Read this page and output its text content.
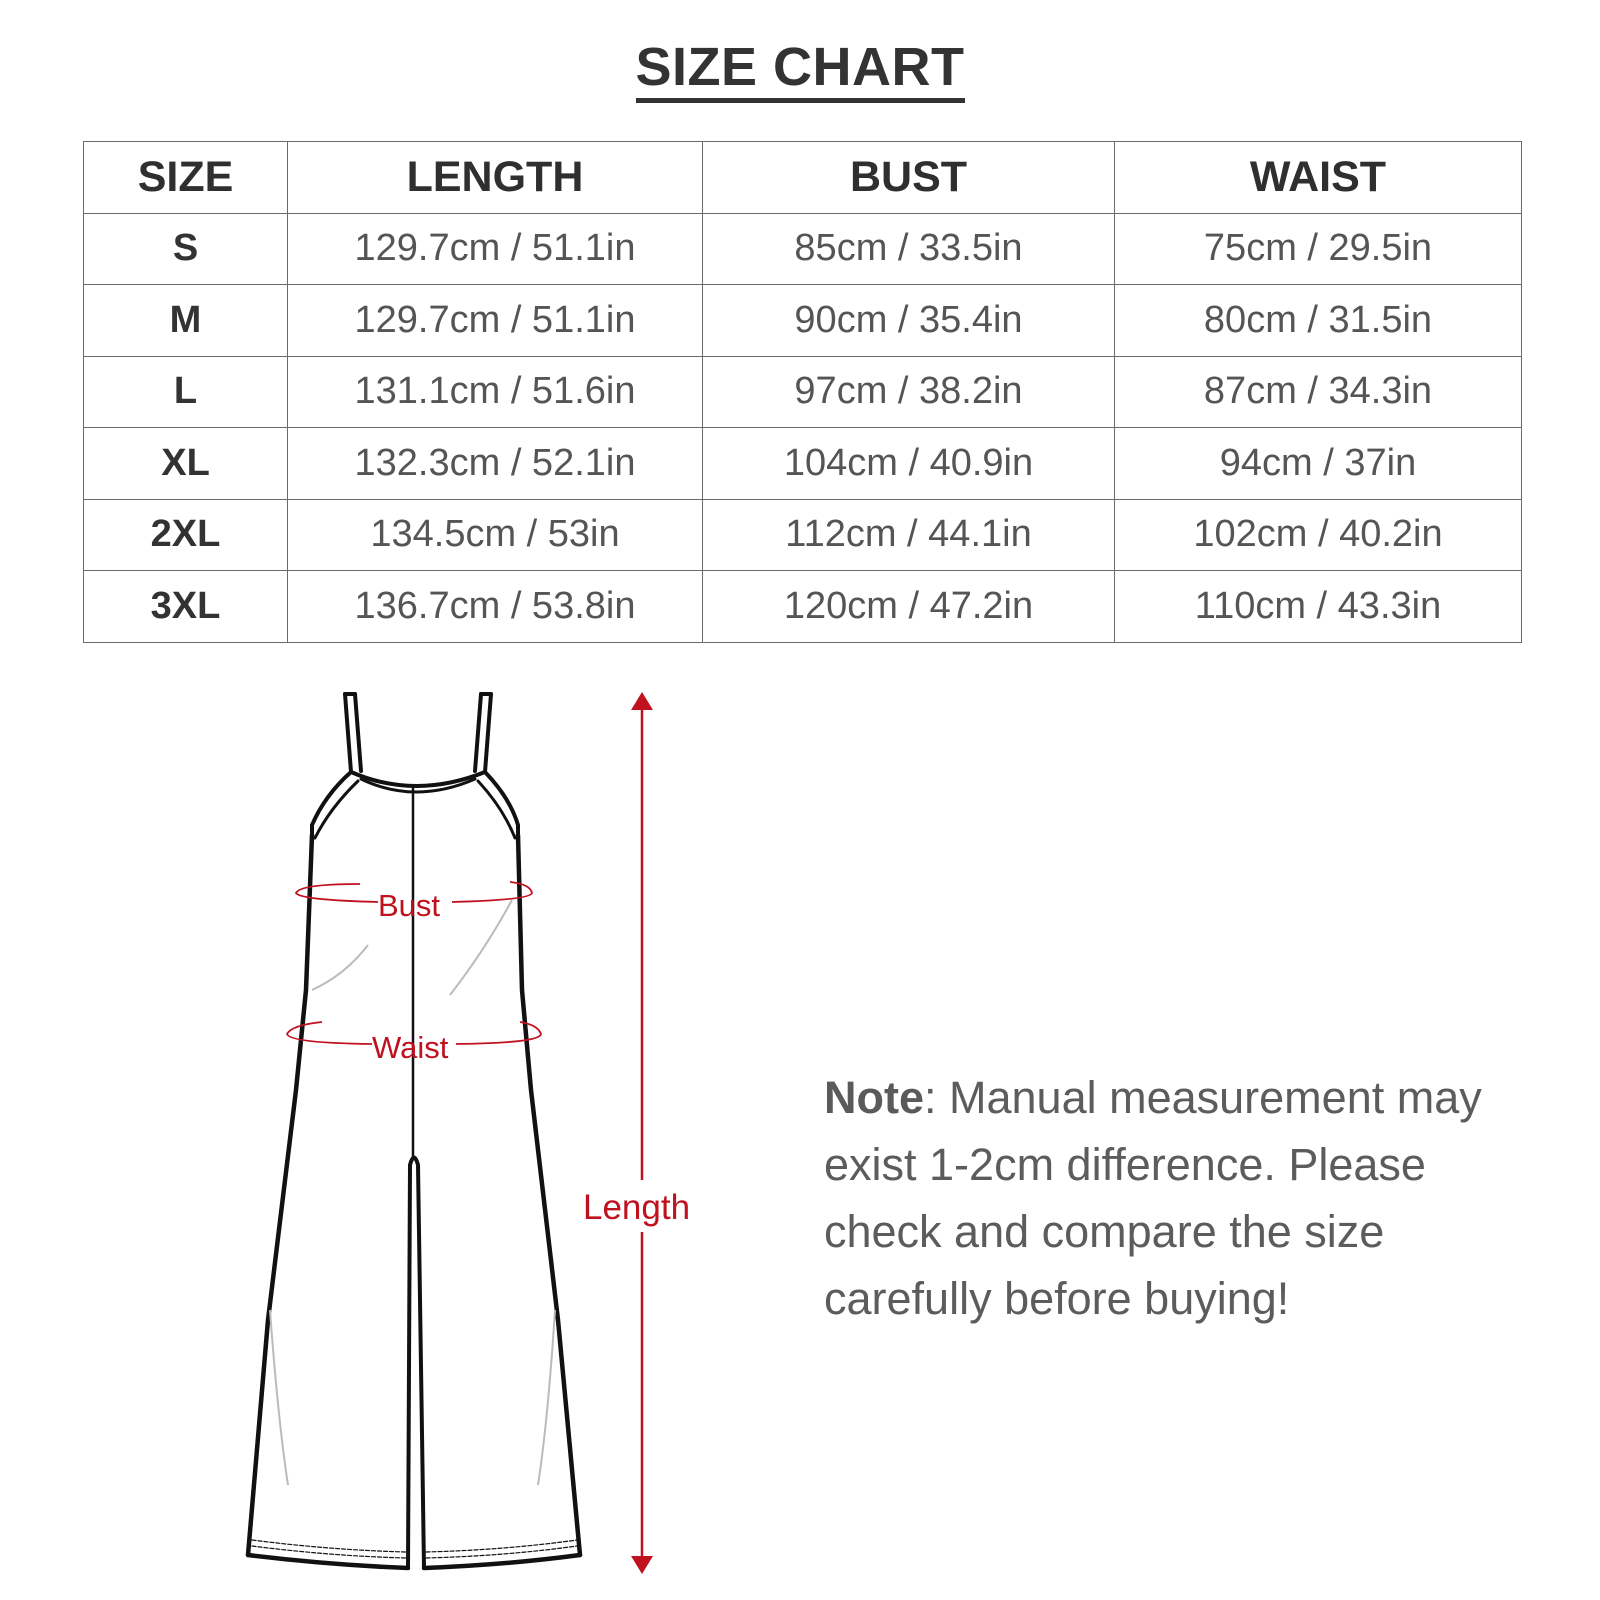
SIZE CHART
SIZE	LENGTH	BUST	WAIST
S	129.7cm / 51.1in	85cm / 33.5in	75cm / 29.5in
M	129.7cm / 51.1in	90cm / 35.4in	80cm / 31.5in
L	131.1cm / 51.6in	97cm / 38.2in	87cm / 34.3in
XL	132.3cm / 52.1in	104cm / 40.9in	94cm / 37in
2XL	134.5cm / 53in	112cm / 44.1in	102cm / 40.2in
3XL	136.7cm / 53.8in	120cm / 47.2in	110cm / 43.3in
Bust
Waist
Length
Note: Manual measurement may exist 1-2cm difference. Please check and compare the size carefully before buying!
